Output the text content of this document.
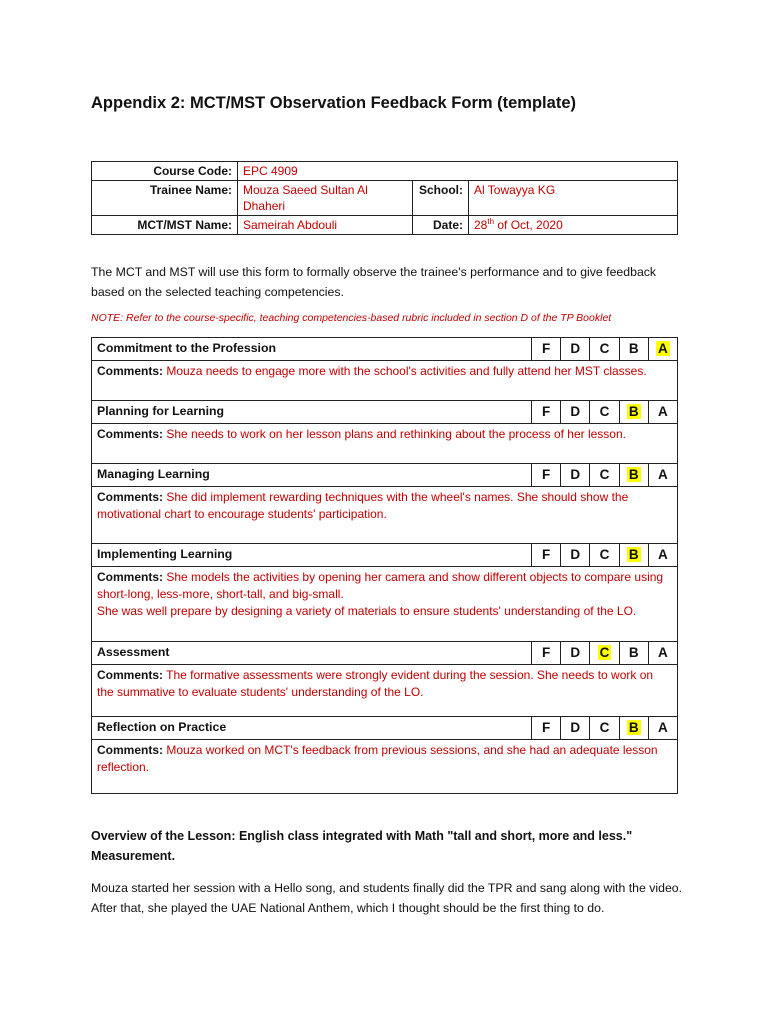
Appendix 2: MCT/MST Observation Feedback Form (template)
Course Code:	EPC 4909		
Trainee Name:	Mouza Saeed Sultan Al Dhaheri	School:	Al Towayya KG
MCT/MST Name:	Sameirah Abdouli	Date:	28th of Oct, 2020
The MCT and MST will use this form to formally observe the trainee's performance and to give feedback based on the selected teaching competencies.
NOTE: Refer to the course-specific, teaching competencies-based rubric included in section D of the TP Booklet
Commitment to the Profession	F	D	C	B	A
Comments: Mouza needs to engage more with the school's activities and fully attend her MST classes.
Planning for Learning	F	D	C	B	A
Comments: She needs to work on her lesson plans and rethinking about the process of her lesson.
Managing Learning	F	D	C	B	A
Comments: She did implement rewarding techniques with the wheel's names. She should show the motivational chart to encourage students' participation.
Implementing Learning	F	D	C	B	A
Comments: She models the activities by opening her camera and show different objects to compare using short-long, less-more, short-tall, and big-small.
She was well prepare by designing a variety of materials to ensure students' understanding of the LO.
Assessment	F	D	C	B	A
Comments: The formative assessments were strongly evident during the session. She needs to work on the summative to evaluate students' understanding of the LO.
Reflection on Practice	F	D	C	B	A
Comments: Mouza worked on MCT's feedback from previous sessions, and she had an adequate lesson reflection.
Overview of the Lesson: English class integrated with Math "tall and short, more and less." Measurement.
Mouza started her session with a Hello song, and students finally did the TPR and sang along with the video. After that, she played the UAE National Anthem, which I thought should be the first thing to do.
